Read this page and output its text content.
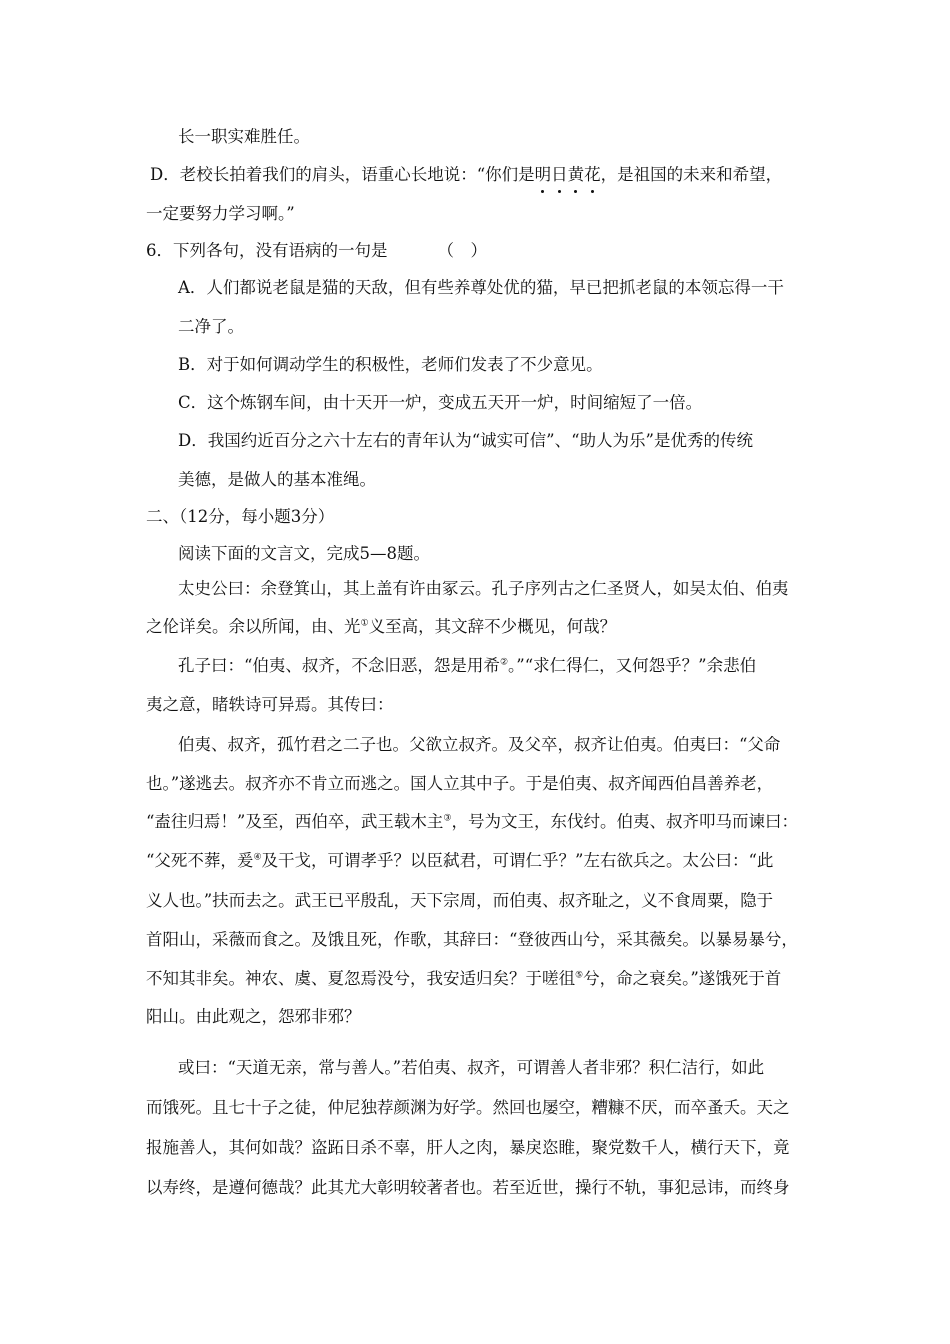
长一职实难胜任。
D．老校长拍着我们的肩头，语重心长地说：“你们是明日黄花，是祖国的未来和希望，
一定要努力学习啊。”
6．下列各句，没有语病的一句是	（　）
A．人们都说老鼠是猫的天敌，但有些养尊处优的猫，早已把抓老鼠的本领忘得一干
二净了。
B．对于如何调动学生的积极性，老师们发表了不少意见。
C．这个炼钢车间，由十天开一炉，变成五天开一炉，时间缩短了一倍。
D．我国约近百分之六十左右的青年认为“诚实可信”、“助人为乐”是优秀的传统
美德，是做人的基本准绳。
二、（12分，每小题3分）
阅读下面的文言文，完成5—8题。
太史公曰：余登箕山，其上盖有许由冢云。孔子序列古之仁圣贤人，如吴太伯、伯夷
之伦详矣。余以所闻，由、光①义至高，其文辞不少概见，何哉？
孔子曰：“伯夷、叔齐，不念旧恶，怨是用希②。”“求仁得仁，又何怨乎？”余悲伯
夷之意，睹轶诗可异焉。其传曰：
伯夷、叔齐，孤竹君之二子也。父欲立叔齐。及父卒，叔齐让伯夷。伯夷曰：“父命
也。”遂逃去。叔齐亦不肯立而逃之。国人立其中子。于是伯夷、叔齐闻西伯昌善养老，
“盍往归焉！”及至，西伯卒，武王载木主③，号为文王，东伐纣。伯夷、叔齐叩马而谏曰：
“父死不葬，爰④及干戈，可谓孝乎？以臣弑君，可谓仁乎？”左右欲兵之。太公曰：“此
义人也。”扶而去之。武王已平殷乱，天下宗周，而伯夷、叔齐耻之，义不食周粟，隐于
首阳山，采薇而食之。及饿且死，作歌，其辞曰：“登彼西山兮，采其薇矣。以暴易暴兮，
不知其非矣。神农、虞、夏忽焉没兮，我安适归矣？于嗟徂⑤兮，命之衰矣。”遂饿死于首
阳山。由此观之，怨邪非邪？
或曰：“天道无亲，常与善人。”若伯夷、叔齐，可谓善人者非邪？积仁洁行，如此
而饿死。且七十子之徒，仲尼独荐颜渊为好学。然回也屡空，糟糠不厌，而卒蚤夭。天之
报施善人，其何如哉？盗跖日杀不辜，肝人之肉，暴戾恣睢，聚党数千人，横行天下，竟
以寿终，是遵何德哉？此其尤大彰明较著者也。若至近世，操行不轨，事犯忌讳，而终身
